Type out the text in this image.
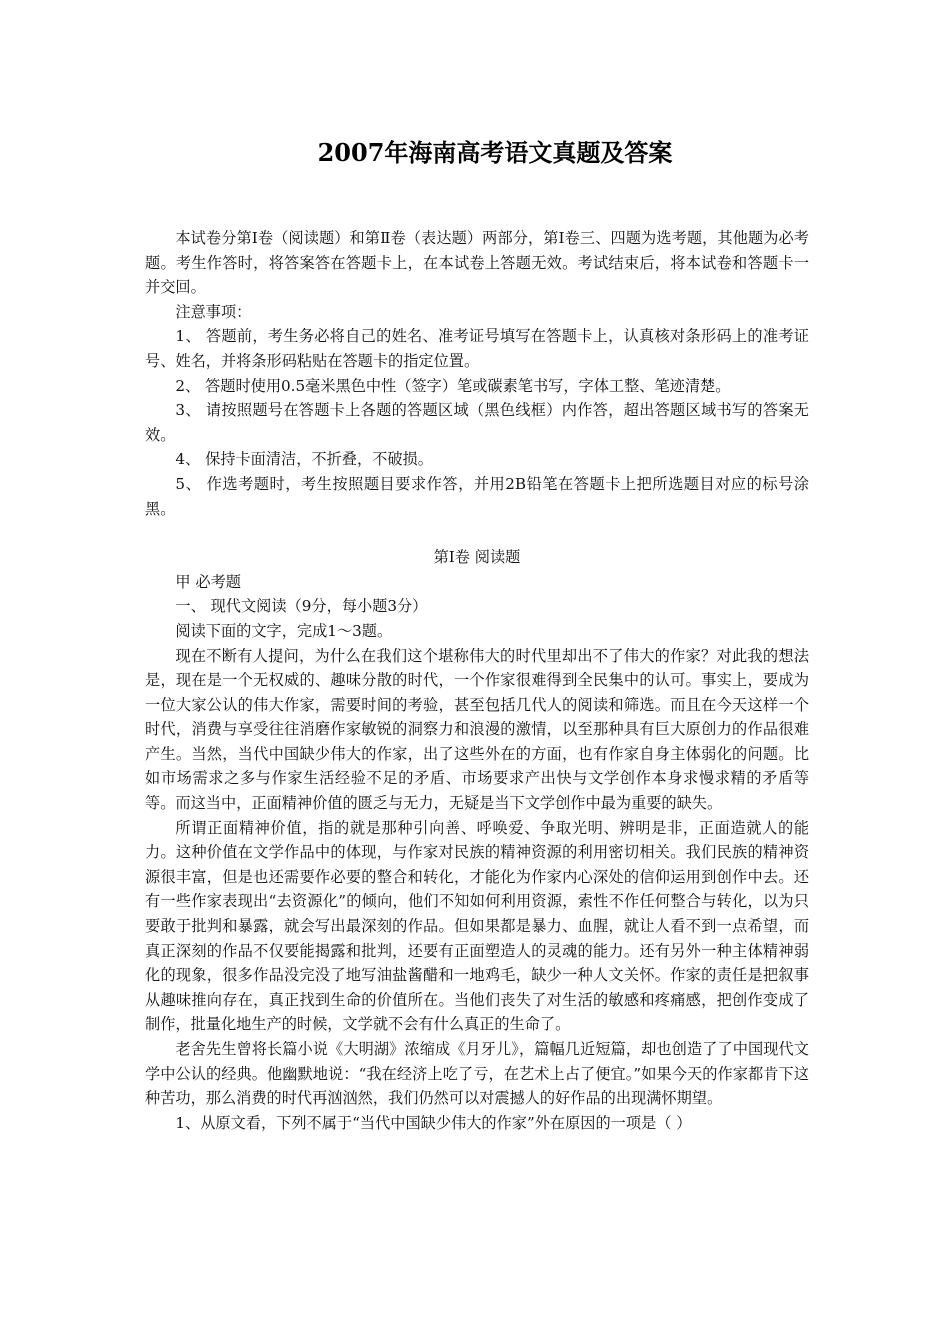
2007年海南高考语文真题及答案

本试卷分第Ⅰ卷（阅读题）和第Ⅱ卷（表达题）两部分，第Ⅰ卷三、四题为选考题，其他题为必考题。考生作答时，将答案答在答题卡上，在本试卷上答题无效。考试结束后，将本试卷和答题卡一并交回。

注意事项：

1、 答题前，考生务必将自己的姓名、准考证号填写在答题卡上，认真核对条形码上的准考证号、姓名，并将条形码粘贴在答题卡的指定位置。

2、 答题时使用0.5毫米黑色中性（签字）笔或碳素笔书写，字体工整、笔迹清楚。

3、 请按照题号在答题卡上各题的答题区域（黑色线框）内作答，超出答题区域书写的答案无效。

4、 保持卡面清洁，不折叠，不破损。

5、 作选考题时，考生按照题目要求作答，并用2B铅笔在答题卡上把所选题目对应的标号涂黑。

第Ⅰ卷 阅读题

甲 必考题

一、 现代文阅读（9分，每小题3分）

阅读下面的文字，完成1～3题。

现在不断有人提问，为什么在我们这个堪称伟大的时代里却出不了伟大的作家？对此我的想法是，现在是一个无权威的、趣味分散的时代，一个作家很难得到全民集中的认可。事实上，要成为一位大家公认的伟大作家，需要时间的考验，甚至包括几代人的阅读和筛选。而且在今天这样一个时代，消费与享受往往消磨作家敏锐的洞察力和浪漫的激情，以至那种具有巨大原创力的作品很难产生。当然，当代中国缺少伟大的作家，出了这些外在的方面，也有作家自身主体弱化的问题。比如市场需求之多与作家生活经验不足的矛盾、市场要求产出快与文学创作本身求慢求精的矛盾等等。而这当中，正面精神价值的匮乏与无力，无疑是当下文学创作中最为重要的缺失。

所谓正面精神价值，指的就是那种引向善、呼唤爱、争取光明、辨明是非，正面造就人的能力。这种价值在文学作品中的体现，与作家对民族的精神资源的利用密切相关。我们民族的精神资源很丰富，但是也还需要作必要的整合和转化，才能化为作家内心深处的信仰运用到创作中去。还有一些作家表现出“去资源化”的倾向，他们不知如何利用资源，索性不作任何整合与转化，以为只要敢于批判和暴露，就会写出最深刻的作品。但如果都是暴力、血腥，就让人看不到一点希望，而真正深刻的作品不仅要能揭露和批判，还要有正面塑造人的灵魂的能力。还有另外一种主体精神弱化的现象，很多作品没完没了地写油盐酱醋和一地鸡毛，缺少一种人文关怀。作家的责任是把叙事从趣味推向存在，真正找到生命的价值所在。当他们丧失了对生活的敏感和疼痛感，把创作变成了制作，批量化地生产的时候，文学就不会有什么真正的生命了。

老舍先生曾将长篇小说《大明湖》浓缩成《月牙儿》，篇幅几近短篇，却也创造了了中国现代文学中公认的经典。他幽默地说：“我在经济上吃了亏，在艺术上占了便宜。”如果今天的作家都肯下这种苦功，那么消费的时代再汹汹然，我们仍然可以对震撼人的好作品的出现满怀期望。

1、从原文看，下列不属于“当代中国缺少伟大的作家”外在原因的一项是（ ）
